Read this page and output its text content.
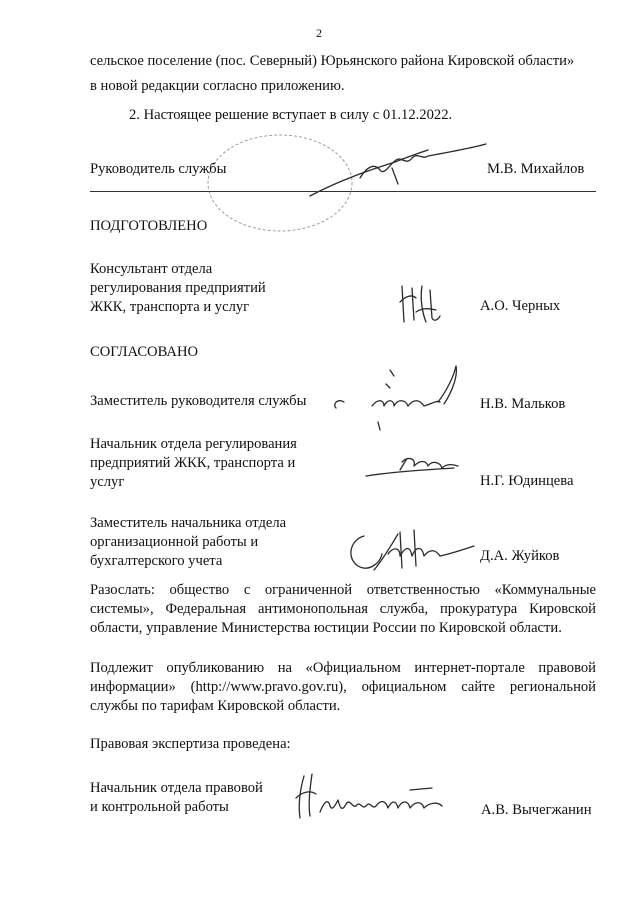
2
сельское поселение (пос. Северный) Юрьянского района Кировской области»
в новой редакции согласно приложению.
2. Настоящее решение вступает в силу с 01.12.2022.
Руководитель службы	М.В. Михайлов
ПОДГОТОВЛЕНО
Консультант отдела
регулирования предприятий
ЖКК, транспорта и услуг	А.О. Черных
СОГЛАСОВАНО
Заместитель руководителя службы	Н.В. Мальков
Начальник отдела регулирования
предприятий ЖКК, транспорта и
услуг	Н.Г. Юдинцева
Заместитель начальника отдела
организационной работы и
бухгалтерского учета	Д.А. Жуйков
Разослать: общество с ограниченной ответственностью «Коммунальные системы», Федеральная антимонопольная служба, прокуратура Кировской области, управление Министерства юстиции России по Кировской области.
Подлежит опубликованию на «Официальном интернет-портале правовой информации» (http://www.pravo.gov.ru), официальном сайте региональной службы по тарифам Кировской области.
Правовая экспертиза проведена:
Начальник отдела правовой
и контрольной работы	А.В. Вычегжанин
